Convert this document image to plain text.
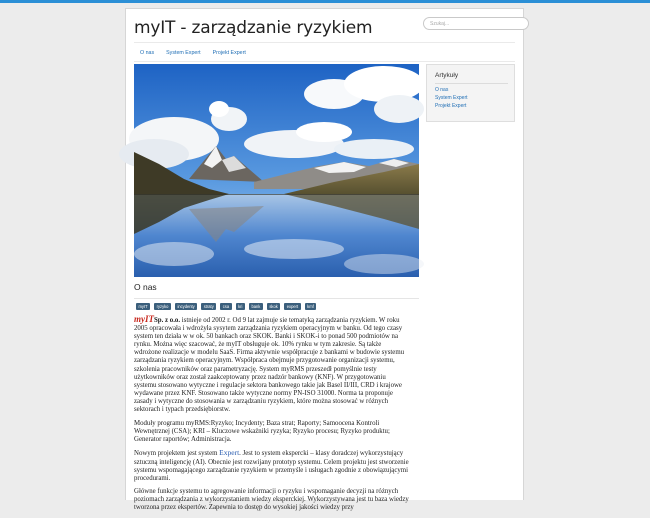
myIT - zarządzanie ryzykiem
Szukaj...
O nas	System Expert	Projekt Expert
O nas
myIT	ryzyko	incydenty	straty	csa	kri	bank	skok	expert	kmf

myITSp. z o.o. istnieje od 2002 r. Od 9 lat zajmuje sie tematyką zarządzania ryzykiem. W roku 2005 opracowała i wdrożyła sysytem zarządzania ryzykiem operacyjnym w banku. Od tego czasy system ten działa w w ok. 50 bankach oraz SKOK. Banki i SKOK-i to ponad 500 podmiotów na rynku. Można więc szacować, że myIT obsługuje ok. 10% rynku w tym zakresie. Są także wdrożone realizacje w modelu SaaS. Firma aktywnie współpracuje z bankami w budowie systemu zarządzania ryzykiem operacyjnym. Współpraca obejmuje przygotowanie organizacji systemu, szkolenia pracowników oraz parametryzację. System myRMS przeszedł pomyślnie testy użytkowników oraz został zaakceptowany przez nadzór bankowy (KNF). W przygotowaniu systemu stosowano wytyczne i regulacje sektora bankowego takie jak Basel II/III, CRD i krajowe wydawane przez KNF. Stosowano także wytyczne normy PN-ISO 31000. Norma ta proponuje zasady i wytyczne do stosowania w zarządzaniu ryzykiem, które można stosować w różnych sektorach i typach przedsiębiorstw.

Moduły programu myRMS:Ryzyko; Incydenty; Baza strat; Raporty; Samoocena Kontroli Wewnętrznej (CSA); KRI – Kluczowe wskaźniki ryzyka; Ryzyko procesu; Ryzyko produktu; Generator raportów; Administracja.

Nowym projektem jest system Expert. Jest to system ekspercki – klasy doradczej wykorzystujący sztuczną inteligencję (AI). Obecnie jest rozwijany prototyp systemu. Celem projektu jest stworzenie systemu wspomagającego zarządzanie ryzykiem w przemyśle i usługach zgodnie z obowiązującymi procedurami.

Główne funkcje systemu to agregowanie informacji o ryzyku i wspomaganie decyzji na różnych poziomach zarządzania z wykorzystaniem wiedzy eksperckiej. Wykorzystywana jest tu baza wiedzy tworzona przez ekspertów. Zapewnia to dostęp do wysokiej jakości wiedzy przy

Artykuły
O nas
System Expert
Projekt Expert
